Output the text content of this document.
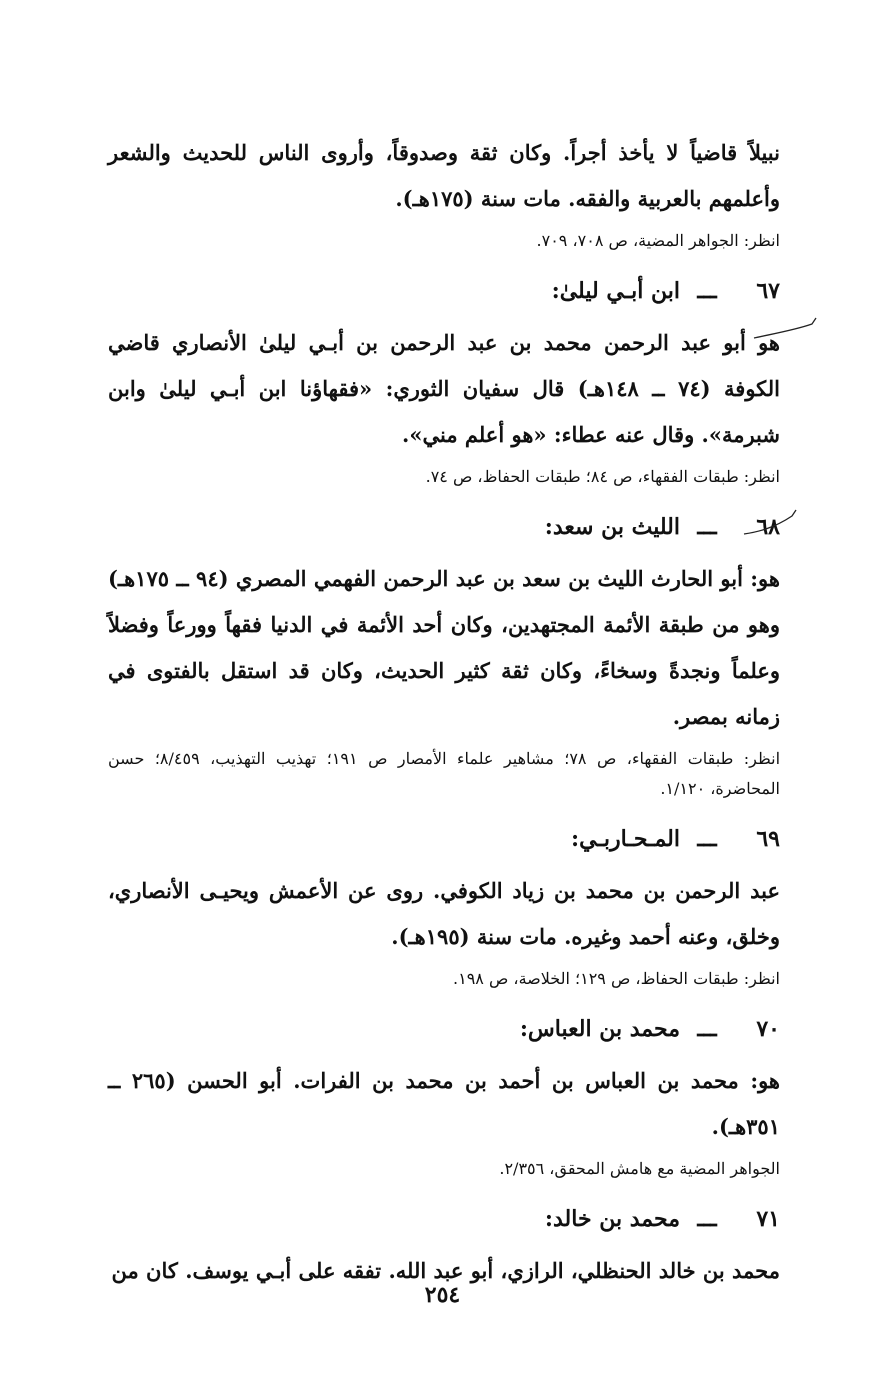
نبيلاً قاضياً لا يأخذ أجراً. وكان ثقة وصدوقاً، وأروى الناس للحديث والشعر وأعلمهم بالعربية والفقه. مات سنة (١٧٥هـ).

انظر: الجواهر المضية، ص ٧٠٨، ٧٠٩.

٦٧
ـــ
ابن أبـي ليلىٰ:

هو أبو عبد الرحمن محمد بن عبد الرحمن بن أبـي ليلىٰ الأنصاري قاضي الكوفة (٧٤ ــ ١٤٨هـ) قال سفيان الثوري: «فقهاؤنا ابن أبـي ليلىٰ وابن شبرمة». وقال عنه عطاء: «هو أعلم مني».

انظر: طبقات الفقهاء، ص ٨٤؛ طبقات الحفاظ، ص ٧٤.

٦٨
ـــ
الليث بن سعد:

هو: أبو الحارث الليث بن سعد بن عبد الرحمن الفهمي المصري (٩٤ ــ ١٧٥هـ) وهو من طبقة الأئمة المجتهدين، وكان أحد الأئمة في الدنيا فقهاً وورعاً وفضلاً وعلماً ونجدةً وسخاءً، وكان ثقة كثير الحديث، وكان قد استقل بالفتوى في زمانه بمصر.

انظر: طبقات الفقهاء، ص ٧٨؛ مشاهير علماء الأمصار ص ١٩١؛ تهذيب التهذيب، ٨/٤٥٩؛ حسن المحاضرة، ١/١٢٠.

٦٩
ـــ
المـحـاربـي:

عبد الرحمن بن محمد بن زياد الكوفي. روى عن الأعمش ويحيـى الأنصاري، وخلق، وعنه أحمد وغيره. مات سنة (١٩٥هـ).

انظر: طبقات الحفاظ، ص ١٢٩؛ الخلاصة، ص ١٩٨.

٧٠
ـــ
محمد بن العباس:

هو: محمد بن العباس بن أحمد بن محمد بن الفرات. أبو الحسن (٢٦٥ ــ ٣٥١هـ).

الجواهر المضية مع هامش المحقق، ٢/٣٥٦.

٧١
ـــ
محمد بن خالد:

محمد بن خالد الحنظلي، الرازي، أبو عبد الله. تفقه على أبـي يوسف. كان من

٢٥٤
